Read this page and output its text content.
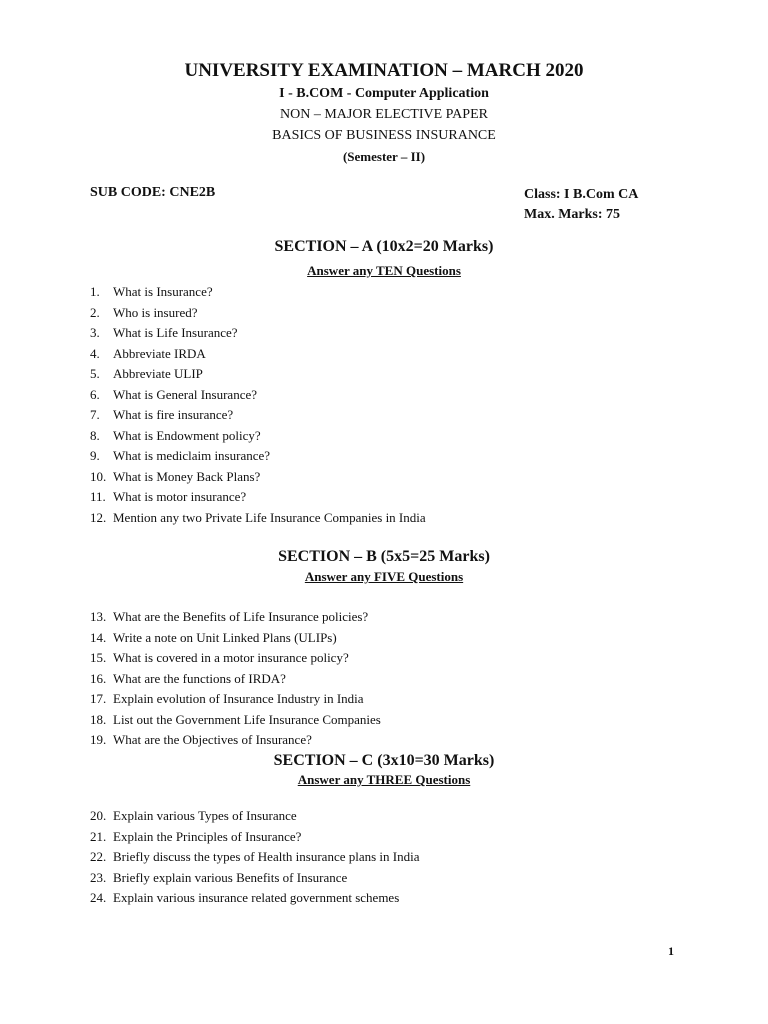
UNIVERSITY EXAMINATION – MARCH 2020
I - B.COM - Computer Application
NON – MAJOR ELECTIVE PAPER
BASICS OF BUSINESS INSURANCE
(Semester – II)
SUB CODE: CNE2B	Class: I B.Com CA
Max. Marks: 75
SECTION – A (10x2=20 Marks)
Answer any TEN Questions
1. What is Insurance?
2. Who is insured?
3. What is Life Insurance?
4. Abbreviate IRDA
5. Abbreviate ULIP
6. What is General Insurance?
7. What is fire insurance?
8. What is Endowment policy?
9. What is mediclaim insurance?
10. What is Money Back Plans?
11. What is motor insurance?
12. Mention any two Private Life Insurance Companies in India
SECTION – B (5x5=25 Marks)
Answer any FIVE Questions
13. What are the Benefits of Life Insurance policies?
14. Write a note on Unit Linked Plans (ULIPs)
15. What is covered in a motor insurance policy?
16. What are the functions of IRDA?
17. Explain evolution of Insurance Industry in India
18. List out the Government Life Insurance Companies
19. What are the Objectives of Insurance?
SECTION – C (3x10=30 Marks)
Answer any THREE Questions
20. Explain various Types of Insurance
21. Explain the Principles of Insurance?
22. Briefly discuss the types of Health insurance plans in India
23. Briefly explain various Benefits of Insurance
24. Explain various insurance related government schemes
1
